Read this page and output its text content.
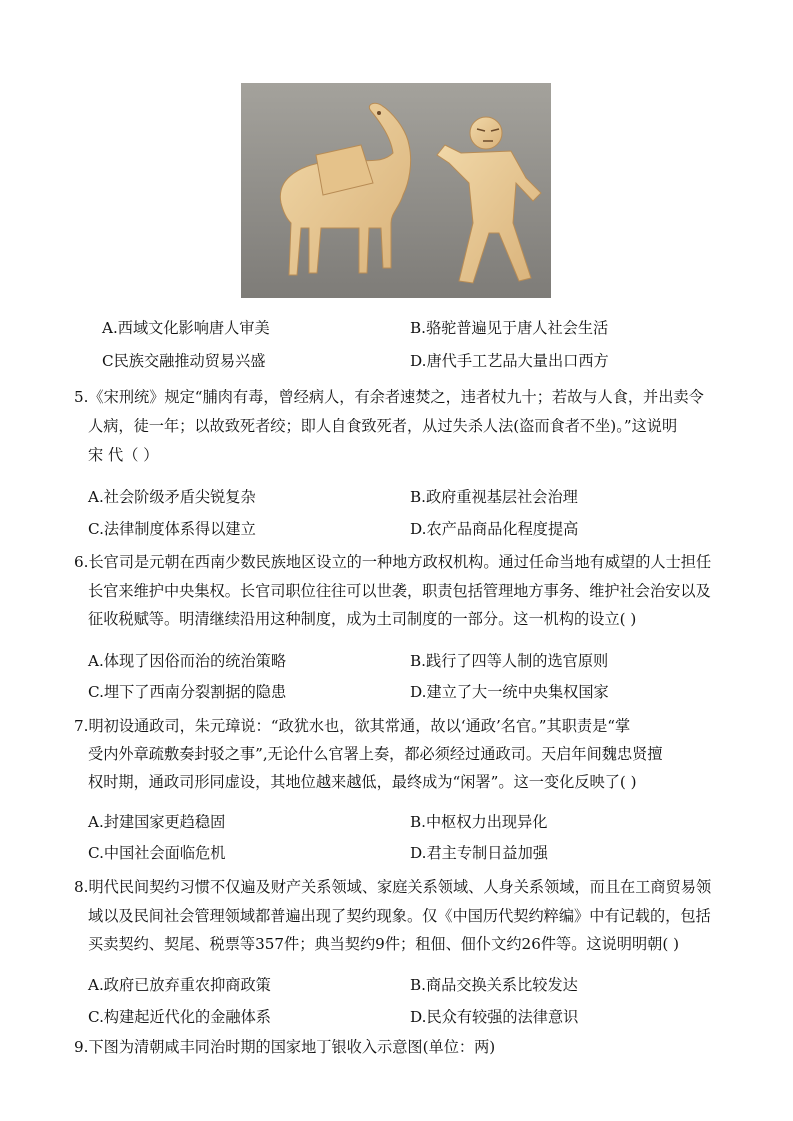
A.西域文化影响唐人审美	B.骆驼普遍见于唐人社会生活
C民族交融推动贸易兴盛	D.唐代手工艺品大量出口西方
5.《宋刑统》规定“脯肉有毒，曾经病人，有余者速焚之，违者杖九十；若故与人食，并出卖令
人病，徒一年；以故致死者绞；即人自食致死者，从过失杀人法(盗而食者不坐)。”这说明
宋 代（ ）
A.社会阶级矛盾尖锐复杂	B.政府重视基层社会治理
C.法律制度体系得以建立	D.农产品商品化程度提高
6.长官司是元朝在西南少数民族地区设立的一种地方政权机构。通过任命当地有威望的人士担任
长官来维护中央集权。长官司职位往往可以世袭，职责包括管理地方事务、维护社会治安以及
征收税赋等。明清继续沿用这种制度，成为土司制度的一部分。这一机构的设立( )
A.体现了因俗而治的统治策略	B.践行了四等人制的选官原则
C.埋下了西南分裂割据的隐患	D.建立了大一统中央集权国家
7.明初设通政司，朱元璋说：“政犹水也，欲其常通，故以‘通政’名官。”其职责是“掌
受内外章疏敷奏封驳之事”,无论什么官署上奏，都必须经过通政司。天启年间魏忠贤擅
权时期，通政司形同虚设，其地位越来越低，最终成为“闲署”。这一变化反映了( )
A.封建国家更趋稳固	B.中枢权力出现异化
C.中国社会面临危机	D.君主专制日益加强
8.明代民间契约习惯不仅遍及财产关系领域、家庭关系领域、人身关系领域，而且在工商贸易领
域以及民间社会管理领域都普遍出现了契约现象。仅《中国历代契约粹编》中有记载的，包括
买卖契约、契尾、税票等357件；典当契约9件；租佃、佃仆文约26件等。这说明明朝( )
A.政府已放弃重农抑商政策	B.商品交换关系比较发达
C.构建起近代化的金融体系	D.民众有较强的法律意识
9.下图为清朝咸丰同治时期的国家地丁银收入示意图(单位：两)
